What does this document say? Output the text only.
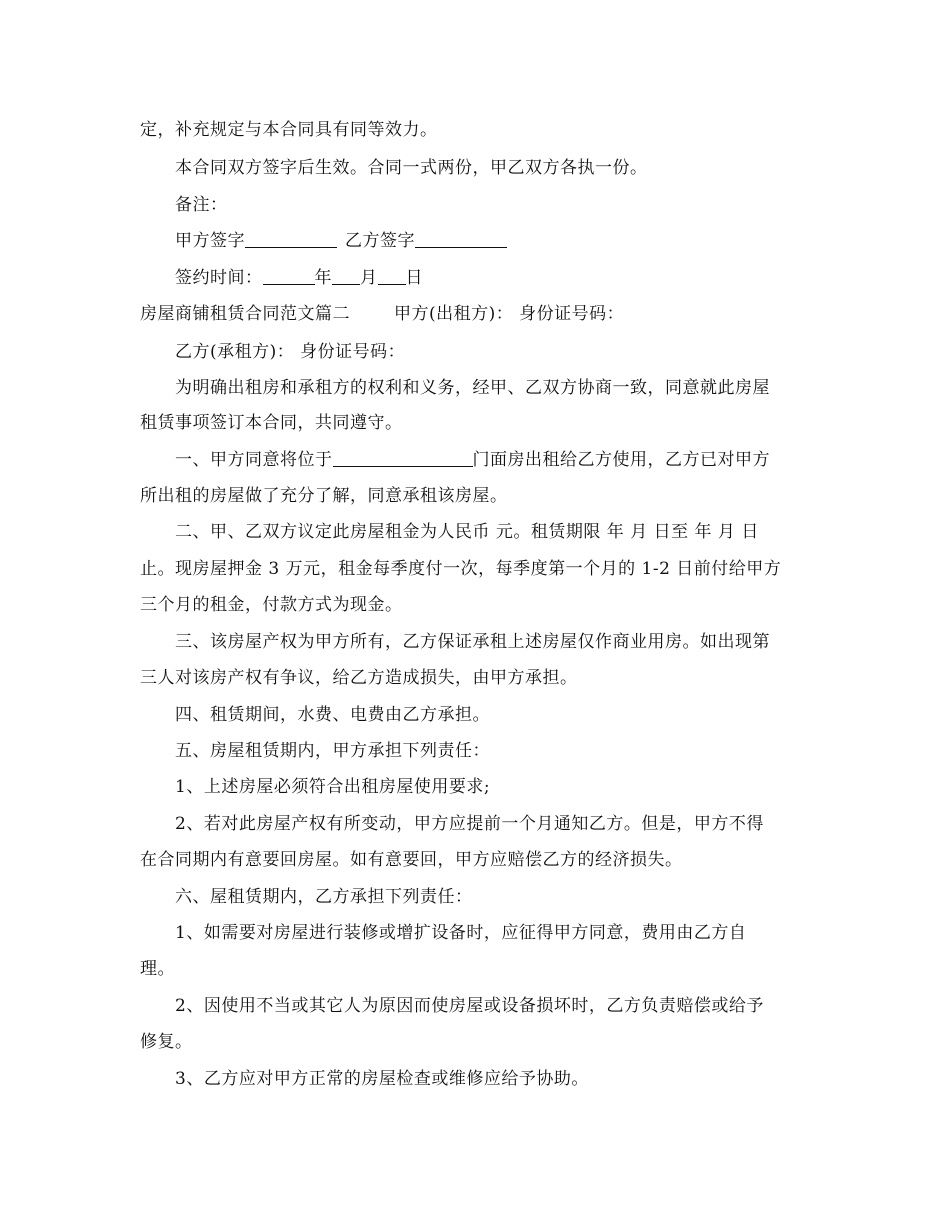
定，补充规定与本合同具有同等效力。
本合同双方签字后生效。合同一式两份，甲乙双方各执一份。
备注：
甲方签字	乙方签字
签约时间：	年 月 日
房屋商铺租赁合同范文篇二	甲方(出租方)： 身份证号码：
乙方(承租方)： 身份证号码：
为明确出租房和承租方的权利和义务，经甲、乙双方协商一致，同意就此房屋
租赁事项签订本合同，共同遵守。
一、甲方同意将位于	门面房出租给乙方使用，乙方已对甲方
所出租的房屋做了充分了解，同意承租该房屋。
二、甲、乙双方议定此房屋租金为人民币 元。租赁期限 年 月 日至 年 月 日
止。现房屋押金 3 万元，租金每季度付一次，每季度第一个月的 1-2 日前付给甲方
三个月的租金，付款方式为现金。
三、该房屋产权为甲方所有，乙方保证承租上述房屋仅作商业用房。如出现第
三人对该房产权有争议，给乙方造成损失，由甲方承担。
四、租赁期间，水费、电费由乙方承担。
五、房屋租赁期内，甲方承担下列责任：
1、上述房屋必须符合出租房屋使用要求;
2、若对此房屋产权有所变动，甲方应提前一个月通知乙方。但是，甲方不得
在合同期内有意要回房屋。如有意要回，甲方应赔偿乙方的经济损失。
六、屋租赁期内，乙方承担下列责任：
1、如需要对房屋进行装修或增扩设备时，应征得甲方同意，费用由乙方自
理。
2、因使用不当或其它人为原因而使房屋或设备损坏时，乙方负责赔偿或给予
修复。
3、乙方应对甲方正常的房屋检查或维修应给予协助。
